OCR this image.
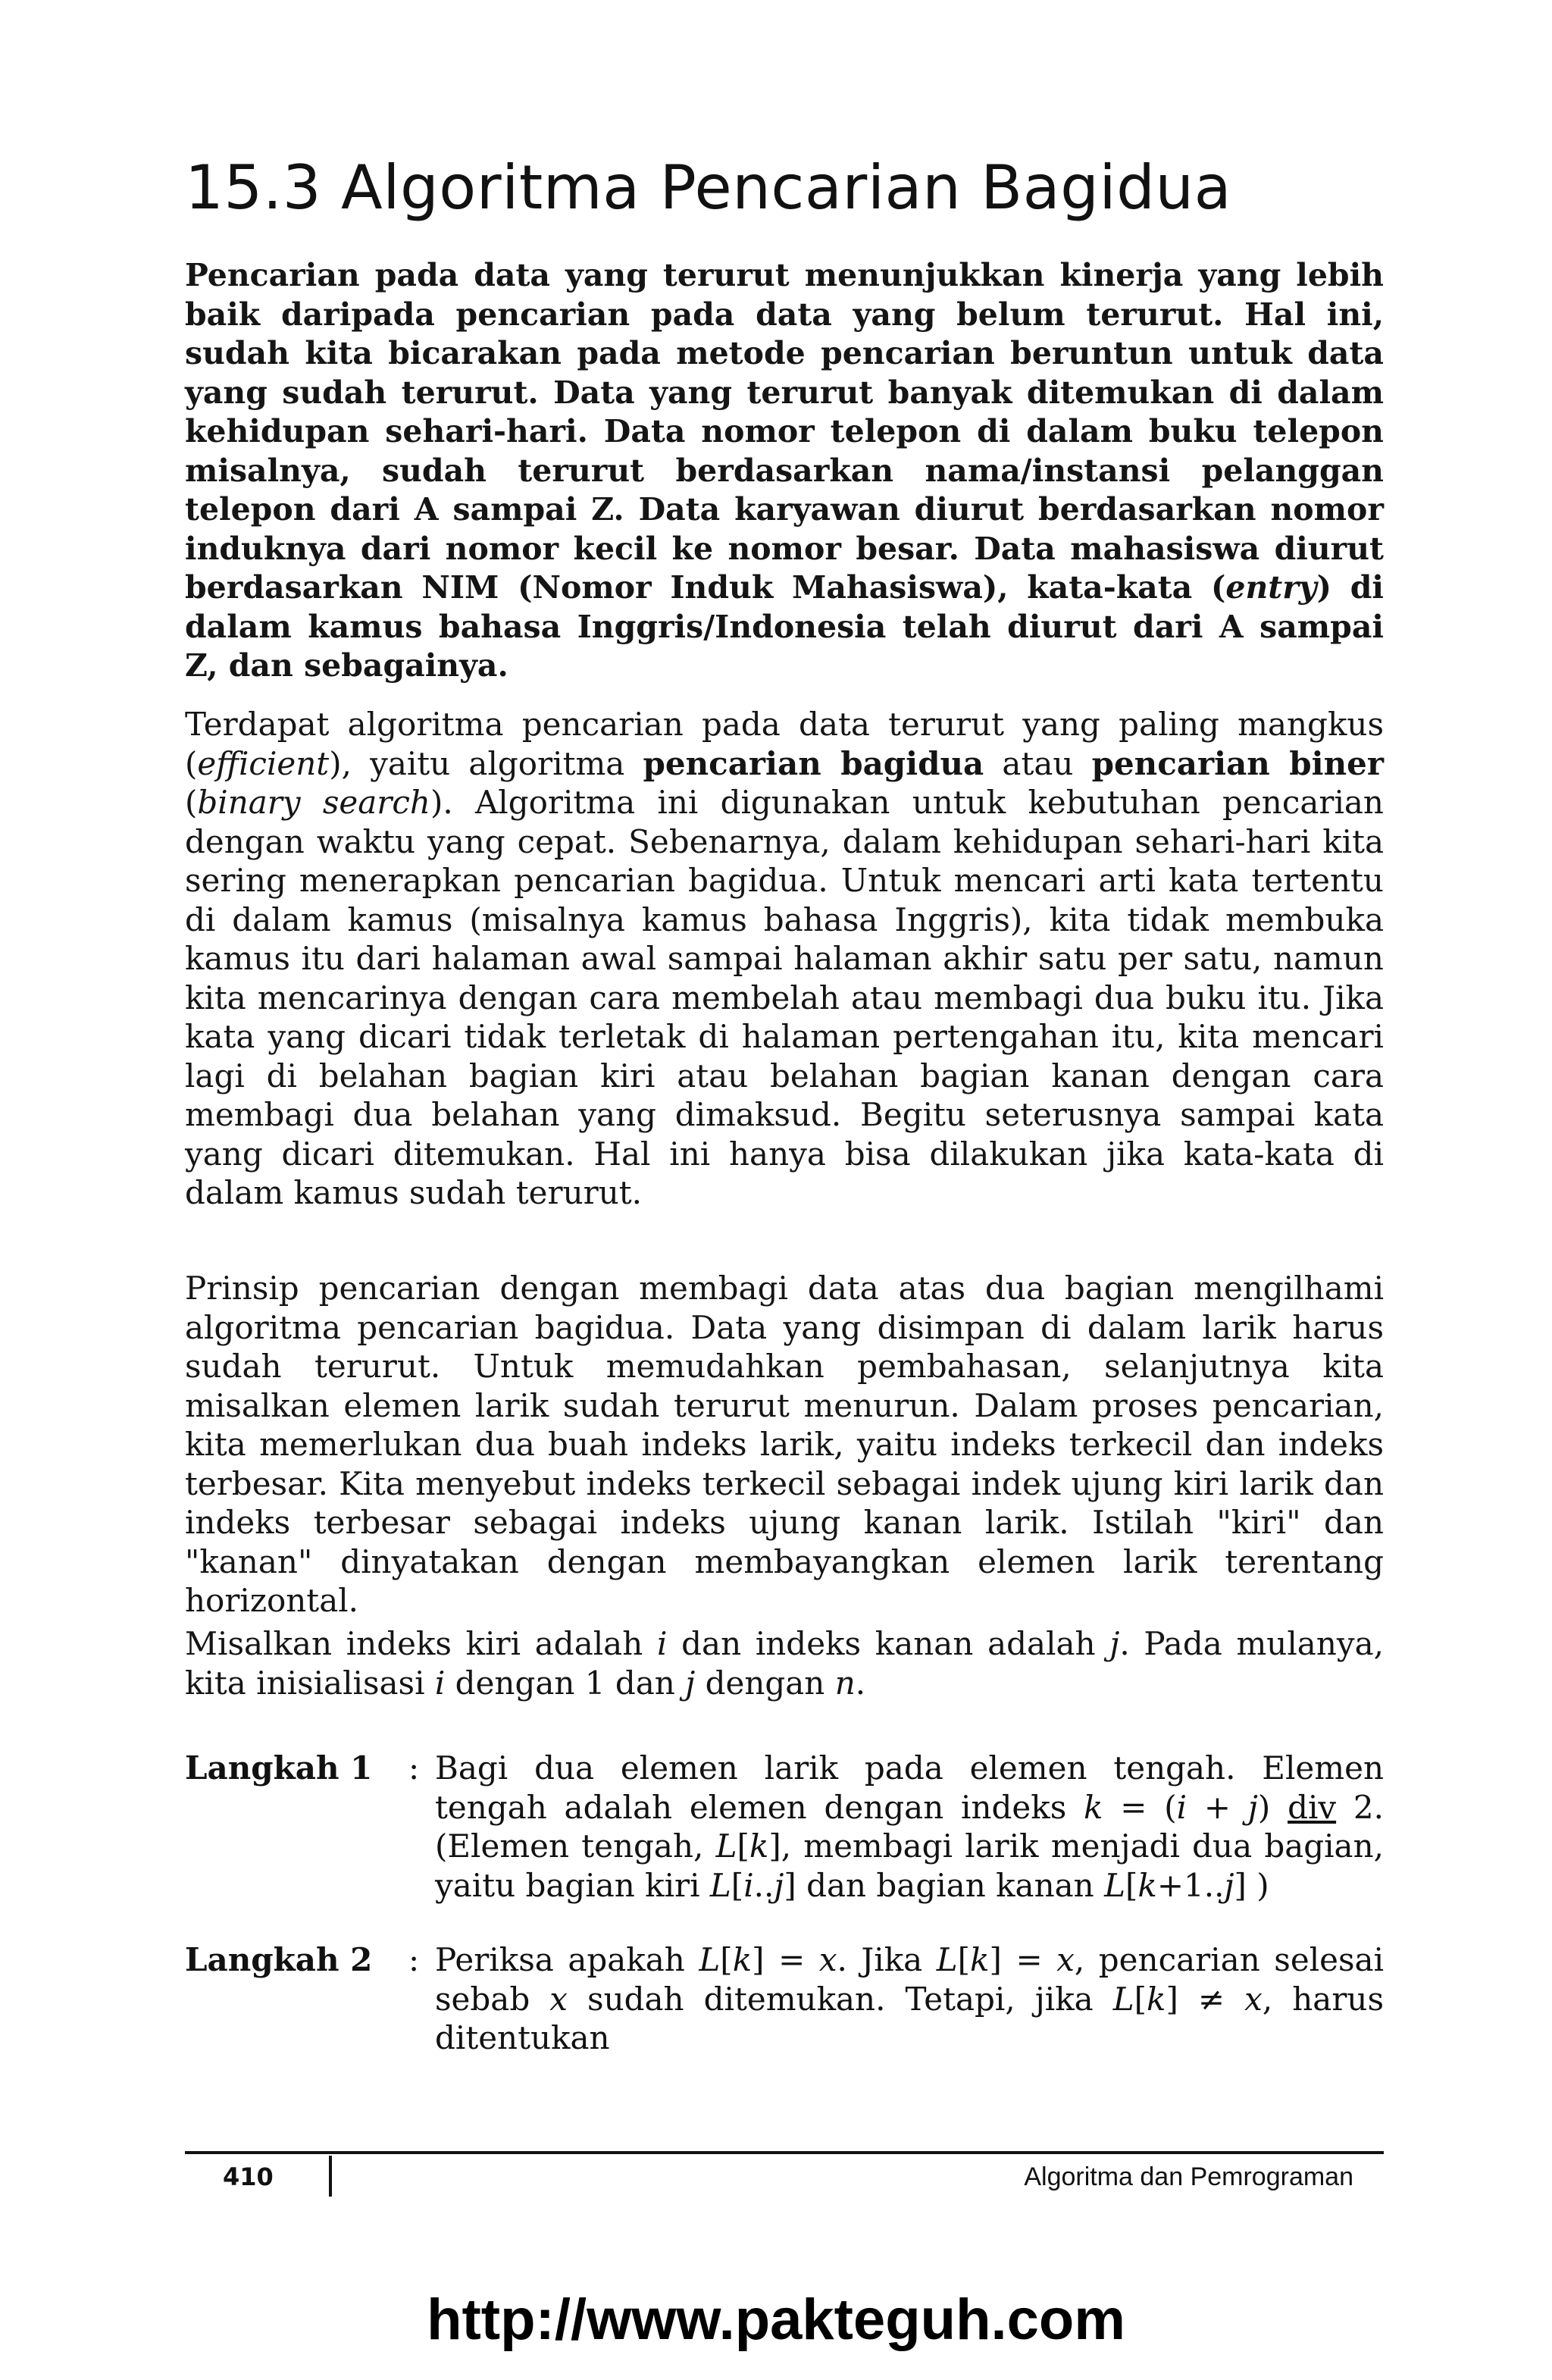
15.3 Algoritma Pencarian Bagidua

Pencarian pada data yang terurut menunjukkan kinerja yang lebih baik daripada pencarian pada data yang belum terurut. Hal ini, sudah kita bicarakan pada metode pencarian beruntun untuk data yang sudah terurut. Data yang terurut banyak ditemukan di dalam kehidupan sehari-hari. Data nomor telepon di dalam buku telepon misalnya, sudah terurut berdasarkan nama/instansi pelanggan telepon dari A sampai Z. Data karyawan diurut berdasarkan nomor induknya dari nomor kecil ke nomor besar. Data mahasiswa diurut berdasarkan NIM (Nomor Induk Mahasiswa), kata-kata (entry) di dalam kamus bahasa Inggris/Indonesia telah diurut dari A sampai Z, dan sebagainya.

Terdapat algoritma pencarian pada data terurut yang paling mangkus (efficient), yaitu algoritma pencarian bagidua atau pencarian biner (binary search). Algoritma ini digunakan untuk kebutuhan pencarian dengan waktu yang cepat. Sebenarnya, dalam kehidupan sehari-hari kita sering menerapkan pencarian bagidua. Untuk mencari arti kata tertentu di dalam kamus (misalnya kamus bahasa Inggris), kita tidak membuka kamus itu dari halaman awal sampai halaman akhir satu per satu, namun kita mencarinya dengan cara membelah atau membagi dua buku itu. Jika kata yang dicari tidak terletak di halaman pertengahan itu, kita mencari lagi di belahan bagian kiri atau belahan bagian kanan dengan cara membagi dua belahan yang dimaksud. Begitu seterusnya sampai kata yang dicari ditemukan. Hal ini hanya bisa dilakukan jika kata-kata di dalam kamus sudah terurut.

Prinsip pencarian dengan membagi data atas dua bagian mengilhami algoritma pencarian bagidua. Data yang disimpan di dalam larik harus sudah terurut. Untuk memudahkan pembahasan, selanjutnya kita misalkan elemen larik sudah terurut menurun. Dalam proses pencarian, kita memerlukan dua buah indeks larik, yaitu indeks terkecil dan indeks terbesar. Kita menyebut indeks terkecil sebagai indek ujung kiri larik dan indeks terbesar sebagai indeks ujung kanan larik. Istilah "kiri" dan "kanan" dinyatakan dengan membayangkan elemen larik terentang horizontal.

Misalkan indeks kiri adalah i dan indeks kanan adalah j. Pada mulanya, kita inisialisasi i dengan 1 dan j dengan n.

Langkah 1 : Bagi dua elemen larik pada elemen tengah. Elemen tengah adalah elemen dengan indeks k = (i + j) div 2. (Elemen tengah, L[k], membagi larik menjadi dua bagian, yaitu bagian kiri L[i..j] dan bagian kanan L[k+1..j] )
Langkah 2 : Periksa apakah L[k] = x. Jika L[k] = x, pencarian selesai sebab x sudah ditemukan. Tetapi, jika L[k] ≠ x, harus ditentukan
410	Algoritma dan Pemrograman
http://www.pakteguh.com
